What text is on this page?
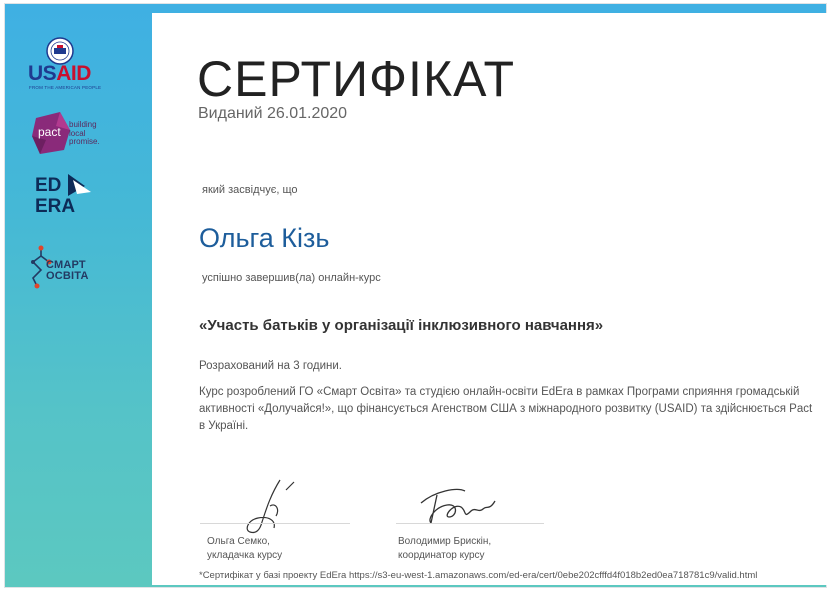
USAID
FROM THE AMERICAN PEOPLE
pact
building
local
promise.
ED
ERA
СМАРТ
ОСВІТА
СЕРТИФІКАТ
Виданий 26.01.2020
який засвідчує, що
Ольга Кізь
успішно завершив(ла) онлайн-курс
«Участь батьків у організації інклюзивного навчання»
Розрахований на 3 години.
Курс розроблений ГО «Смарт Освіта» та студією онлайн-освіти EdEra в рамках Програми сприяння громадській активності «Долучайся!», що фінансується Агенством США з міжнародного розвитку (USAID) та здійснюється Pact в Україні.
Ольга Семко,
укладачка курсу
Володимир Брискін,
координатор курсу
*Сертифікат у базі проекту EdEra https://s3-eu-west-1.amazonaws.com/ed-era/cert/0ebe202cfffd4f018b2ed0ea718781c9/valid.html
